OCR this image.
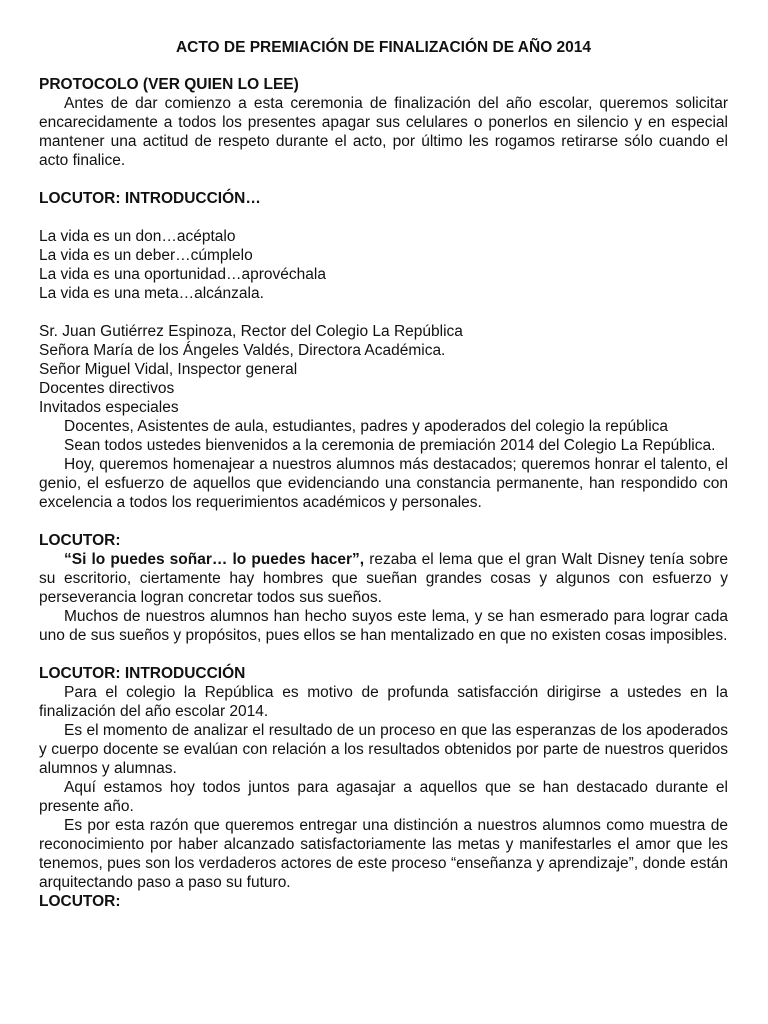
ACTO DE PREMIACIÓN DE FINALIZACIÓN DE AÑO 2014

PROTOCOLO (VER QUIEN LO LEE)

Antes de dar comienzo a esta ceremonia de finalización del año escolar, queremos solicitar encarecidamente a todos los presentes apagar sus celulares o ponerlos en silencio y en especial mantener una actitud de respeto durante el acto, por último les rogamos retirarse sólo cuando el acto finalice.

LOCUTOR: INTRODUCCIÓN…

La vida es un don…acéptalo

La vida es un deber…cúmplelo

La vida es una oportunidad…aprovéchala

La vida es una meta…alcánzala.

Sr. Juan Gutiérrez Espinoza, Rector del Colegio La República

Señora María de los Ángeles Valdés, Directora Académica.

Señor Miguel Vidal, Inspector general

Docentes directivos

Invitados especiales

Docentes, Asistentes de aula, estudiantes, padres y apoderados del colegio la república

Sean todos ustedes bienvenidos a la ceremonia de premiación 2014 del Colegio La República.

Hoy, queremos homenajear a nuestros alumnos más destacados; queremos honrar el talento, el genio, el esfuerzo de aquellos que evidenciando una constancia permanente, han respondido con excelencia a todos los requerimientos académicos y personales.

LOCUTOR:

“Si lo puedes soñar… lo puedes hacer”, rezaba el lema que el gran Walt Disney tenía sobre su escritorio, ciertamente hay hombres que sueñan grandes cosas y algunos con esfuerzo y perseverancia logran concretar todos sus sueños.

Muchos de nuestros alumnos han hecho suyos este lema, y se han esmerado para lograr cada uno de sus sueños y propósitos, pues ellos se han mentalizado en que no existen cosas imposibles.

LOCUTOR: INTRODUCCIÓN

Para el colegio la República es motivo de profunda satisfacción dirigirse a ustedes en la finalización del año escolar 2014.

Es el momento de analizar el resultado de un proceso en que las esperanzas de los apoderados y cuerpo docente se evalúan con relación a los resultados obtenidos por parte de nuestros queridos alumnos y alumnas.

Aquí estamos hoy todos juntos para agasajar a aquellos que se han destacado durante el presente año.

Es por esta razón que queremos entregar una distinción a nuestros alumnos como muestra de reconocimiento por haber alcanzado satisfactoriamente las metas y manifestarles el amor que les tenemos, pues son los verdaderos actores de este proceso “enseñanza y aprendizaje”, donde están arquitectando paso a paso su futuro.

LOCUTOR:
